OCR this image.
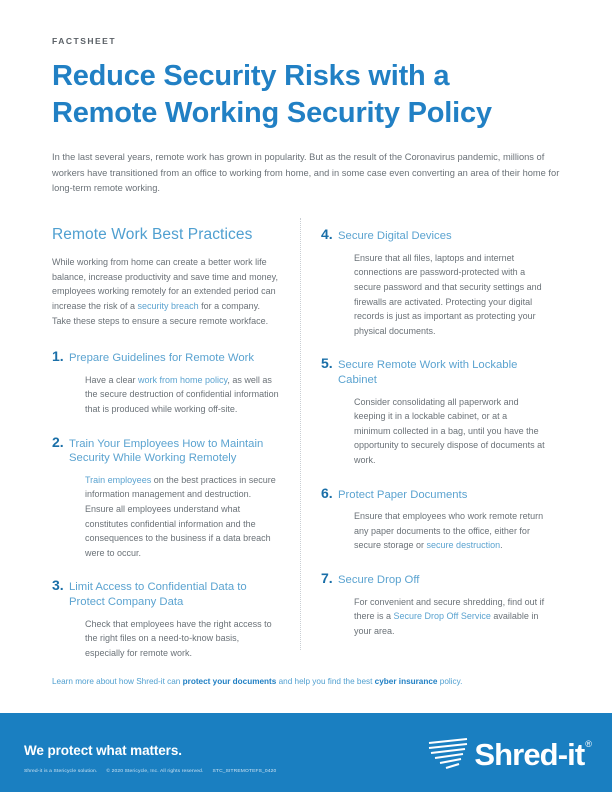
FACTSHEET
Reduce Security Risks with a
Remote Working Security Policy

In the last several years, remote work has grown in popularity. But as the result of the Coronavirus pandemic, millions of workers have transitioned from an office to working from home, and in some case even converting an area of their home for long-term remote working.

Remote Work Best Practices

While working from home can create a better work life balance, increase productivity and save time and money, employees working remotely for an extended period can increase the risk of a security breach for a company. Take these steps to ensure a secure remote workface.

1. Prepare Guidelines for Remote Work
Have a clear work from home policy, as well as the secure destruction of confidential information that is produced while working off-site.
2. Train Your Employees How to Maintain Security While Working Remotely
Train employees on the best practices in secure information management and destruction. Ensure all employees understand what constitutes confidential information and the consequences to the business if a data breach were to occur.
3. Limit Access to Confidential Data to Protect Company Data
Check that employees have the right access to the right files on a need-to-know basis, especially for remote work.
4. Secure Digital Devices
Ensure that all files, laptops and internet connections are password-protected with a secure password and that security settings and firewalls are activated. Protecting your digital records is just as important as protecting your physical documents.
5. Secure Remote Work with Lockable Cabinet
Consider consolidating all paperwork and keeping it in a lockable cabinet, or at a minimum collected in a bag, until you have the opportunity to securely dispose of documents at work.
6. Protect Paper Documents
Ensure that employees who work remote return any paper documents to the office, either for secure storage or secure destruction.
7. Secure Drop Off
For convenient and secure shredding, find out if there is a Secure Drop Off Service available in your area.
Learn more about how Shred-it can protect your documents and help you find the best cyber insurance policy.
We protect what matters.
Shred-it is a Stericycle solution. © 2020 Stericycle, Inc. All rights reserved. STC_SITREMOTEFS_0420	Shred-it®
